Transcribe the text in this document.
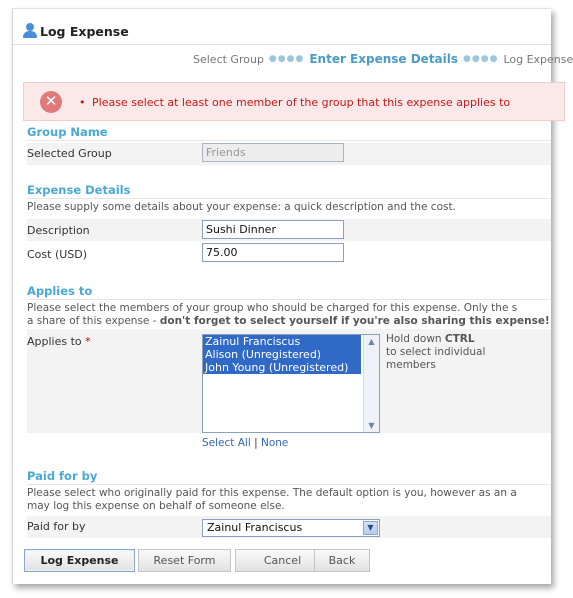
Log Expense
Select Group ●●●● Enter Expense Details ●●●● Log Expense
✕
•	Please select at least one member of the group that this expense applies to
Group Name
Selected Group	Friends
Expense Details
Please supply some details about your expense: a quick description and the cost.
Description	Sushi Dinner
Cost (USD)	75.00
Applies to
Please select the members of your group who should be charged for this expense. Only the s
a share of this expense - don't forget to select yourself if you're also sharing this expense!
Applies to *	Zainul Franciscus
Alison (Unregistered)
John Young (Unregistered)
▲
▼
Hold down CTRL
to select individual
members
Select All | None
Paid for by
Please select who originally paid for this expense. The default option is you, however as an a
may log this expense on behalf of someone else.
Paid for by	Zainul Franciscus	▼
Log Expense	Reset Form	Cancel	Back
